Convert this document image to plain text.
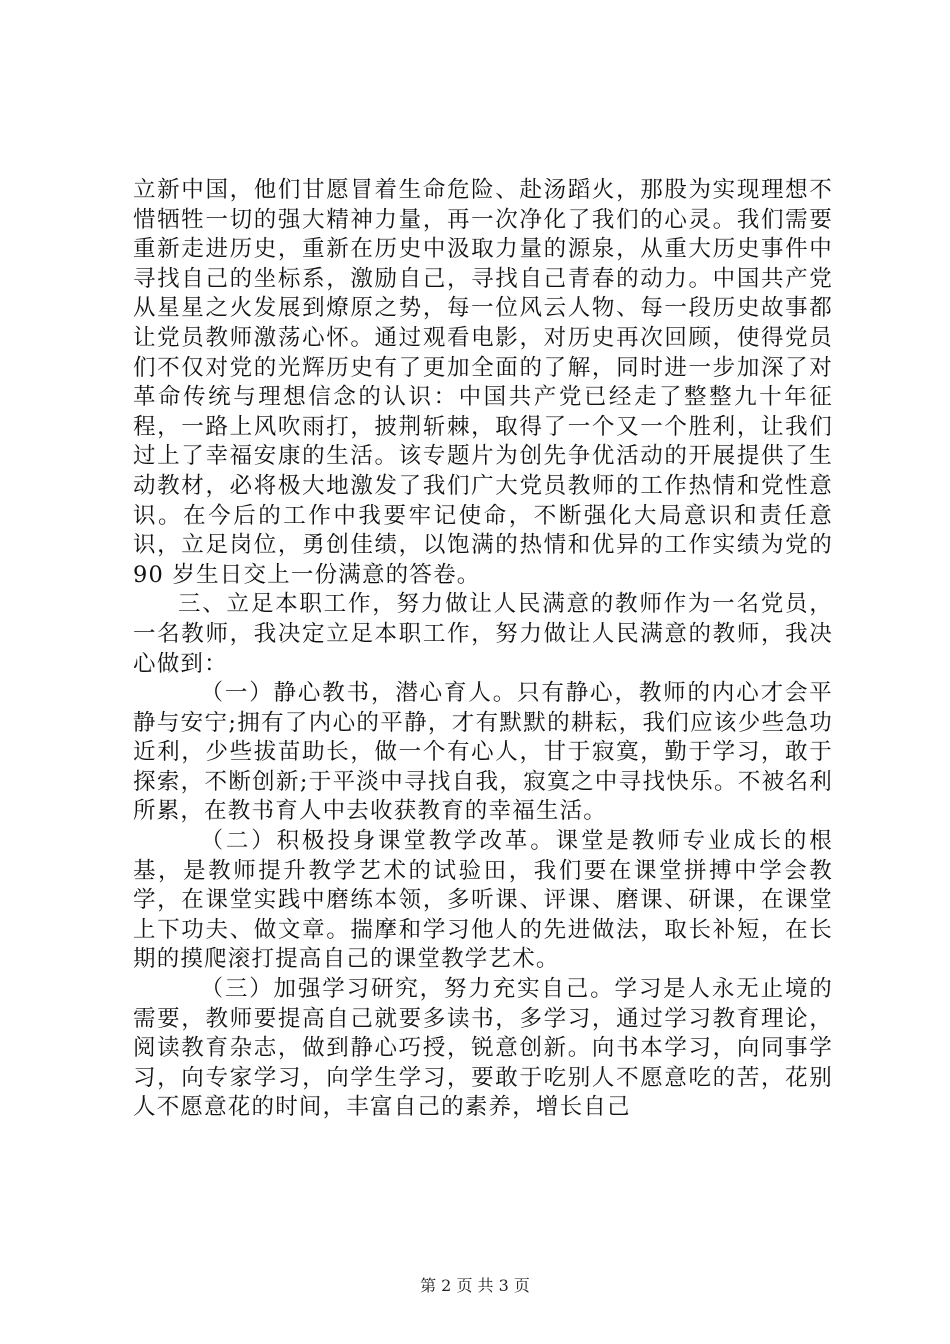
立新中国，他们甘愿冒着生命危险、赴汤蹈火，那股为实现理想不惜牺牲一切的强大精神力量，再一次净化了我们的心灵。我们需要重新走进历史，重新在历史中汲取力量的源泉，从重大历史事件中寻找自己的坐标系，激励自己，寻找自己青春的动力。中国共产党从星星之火发展到燎原之势，每一位风云人物、每一段历史故事都让党员教师激荡心怀。通过观看电影，对历史再次回顾，使得党员们不仅对党的光辉历史有了更加全面的了解，同时进一步加深了对革命传统与理想信念的认识：中国共产党已经走了整整九十年征程，一路上风吹雨打，披荆斩棘，取得了一个又一个胜利，让我们过上了幸福安康的生活。该专题片为创先争优活动的开展提供了生动教材，必将极大地激发了我们广大党员教师的工作热情和党性意识。在今后的工作中我要牢记使命，不断强化大局意识和责任意识，立足岗位，勇创佳绩，以饱满的热情和优异的工作实绩为党的 90 岁生日交上一份满意的答卷。

三、立足本职工作，努力做让人民满意的教师作为一名党员，一名教师，我决定立足本职工作，努力做让人民满意的教师，我决心做到：

（一）静心教书，潜心育人。只有静心，教师的内心才会平静与安宁;拥有了内心的平静，才有默默的耕耘，我们应该少些急功近利，少些拔苗助长，做一个有心人，甘于寂寞，勤于学习，敢于探索，不断创新;于平淡中寻找自我，寂寞之中寻找快乐。不被名利所累，在教书育人中去收获教育的幸福生活。

（二）积极投身课堂教学改革。课堂是教师专业成长的根基，是教师提升教学艺术的试验田，我们要在课堂拼搏中学会教学，在课堂实践中磨练本领，多听课、评课、磨课、研课，在课堂上下功夫、做文章。揣摩和学习他人的先进做法，取长补短，在长期的摸爬滚打提高自己的课堂教学艺术。

（三）加强学习研究，努力充实自己。学习是人永无止境的需要，教师要提高自己就要多读书，多学习，通过学习教育理论，阅读教育杂志，做到静心巧授，锐意创新。向书本学习，向同事学习，向专家学习，向学生学习，要敢于吃别人不愿意吃的苦，花别人不愿意花的时间，丰富自己的素养，增长自己

第 2 页 共 3 页
